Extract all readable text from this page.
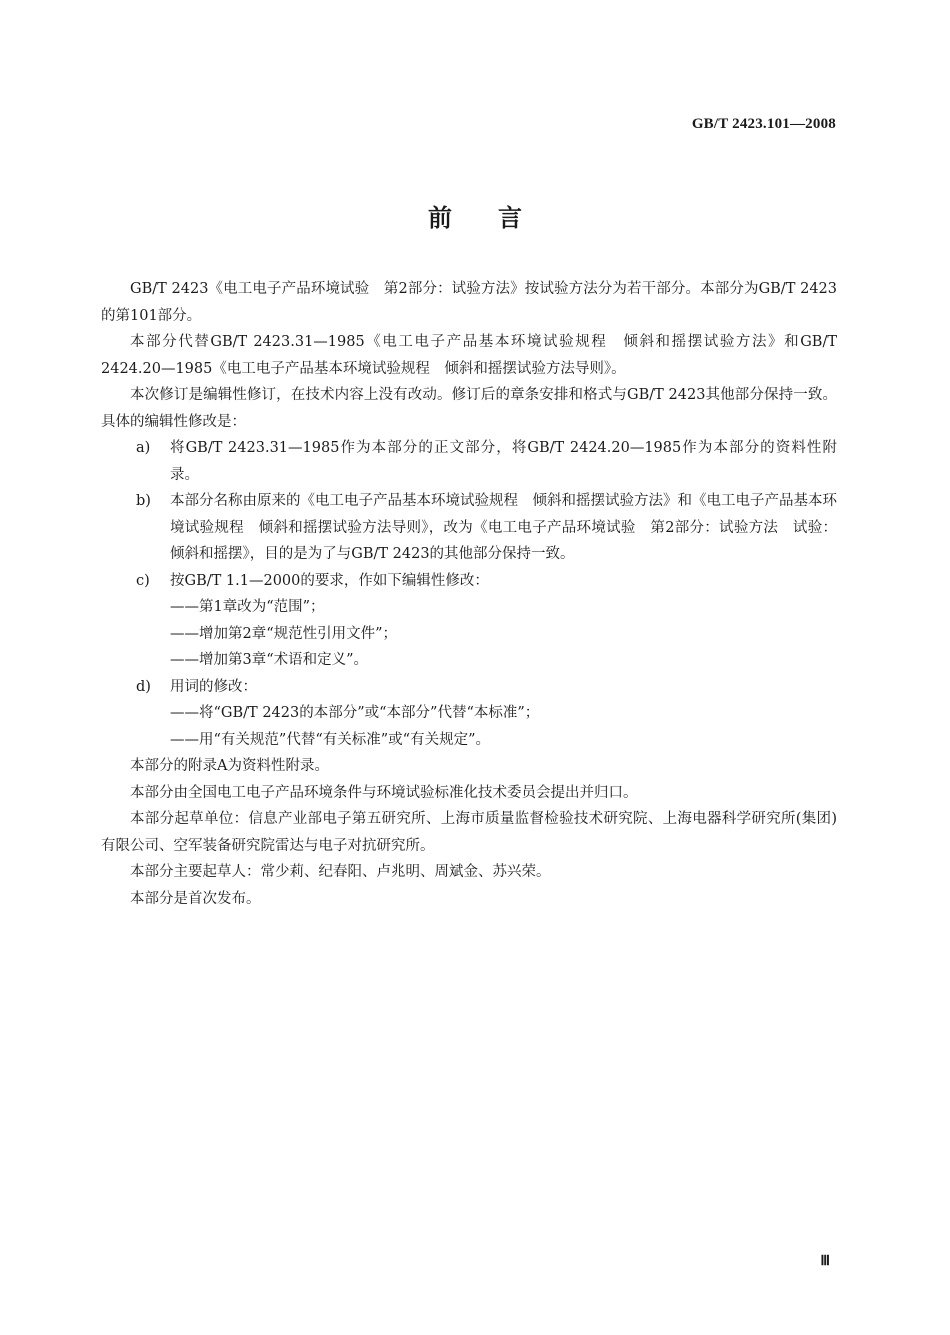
GB/T 2423.101—2008
前言

GB/T 2423《电工电子产品环境试验　第2部分：试验方法》按试验方法分为若干部分。本部分为GB/T 2423的第101部分。

本部分代替GB/T 2423.31—1985《电工电子产品基本环境试验规程　倾斜和摇摆试验方法》和GB/T 2424.20—1985《电工电子产品基本环境试验规程　倾斜和摇摆试验方法导则》。

本次修订是编辑性修订，在技术内容上没有改动。修订后的章条安排和格式与GB/T 2423其他部分保持一致。具体的编辑性修改是：

a) 将GB/T 2423.31—1985作为本部分的正文部分，将GB/T 2424.20—1985作为本部分的资料性附录。
b) 本部分名称由原来的《电工电子产品基本环境试验规程　倾斜和摇摆试验方法》和《电工电子产品基本环境试验规程　倾斜和摇摆试验方法导则》，改为《电工电子产品环境试验　第2部分：试验方法　试验：倾斜和摇摆》，目的是为了与GB/T 2423的其他部分保持一致。
c) 按GB/T 1.1—2000的要求，作如下编辑性修改：

——第1章改为“范围”；

——增加第2章“规范性引用文件”；

——增加第3章“术语和定义”。

d) 用词的修改：

——将“GB/T 2423的本部分”或“本部分”代替“本标准”；

——用“有关规范”代替“有关标准”或“有关规定”。

本部分的附录A为资料性附录。

本部分由全国电工电子产品环境条件与环境试验标准化技术委员会提出并归口。

本部分起草单位：信息产业部电子第五研究所、上海市质量监督检验技术研究院、上海电器科学研究所(集团)有限公司、空军装备研究院雷达与电子对抗研究所。

本部分主要起草人：常少莉、纪春阳、卢兆明、周斌金、苏兴荣。

本部分是首次发布。

Ⅲ
